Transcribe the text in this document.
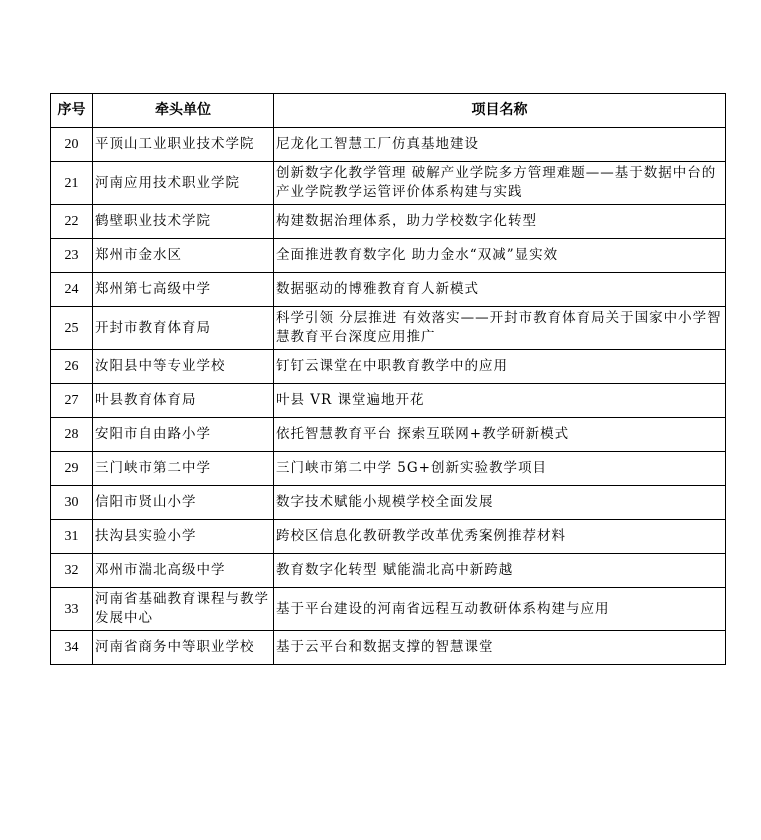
序号	牵头单位	项目名称
20	平顶山工业职业技术学院	尼龙化工智慧工厂仿真基地建设
21	河南应用技术职业学院	创新数字化教学管理 破解产业学院多方管理难题——基于数据中台的产业学院教学运管评价体系构建与实践
22	鹤壁职业技术学院	构建数据治理体系，助力学校数字化转型
23	郑州市金水区	全面推进教育数字化 助力金水“双减”显实效
24	郑州第七高级中学	数据驱动的博雅教育育人新模式
25	开封市教育体育局	科学引领 分层推进 有效落实——开封市教育体育局关于国家中小学智慧教育平台深度应用推广
26	汝阳县中等专业学校	钉钉云课堂在中职教育教学中的应用
27	叶县教育体育局	叶县 VR 课堂遍地开花
28	安阳市自由路小学	依托智慧教育平台 探索互联网+教学研新模式
29	三门峡市第二中学	三门峡市第二中学 5G+创新实验教学项目
30	信阳市贤山小学	数字技术赋能小规模学校全面发展
31	扶沟县实验小学	跨校区信息化教研教学改革优秀案例推荐材料
32	邓州市湍北高级中学	教育数字化转型 赋能湍北高中新跨越
33	河南省基础教育课程与教学发展中心	基于平台建设的河南省远程互动教研体系构建与应用
34	河南省商务中等职业学校	基于云平台和数据支撑的智慧课堂
